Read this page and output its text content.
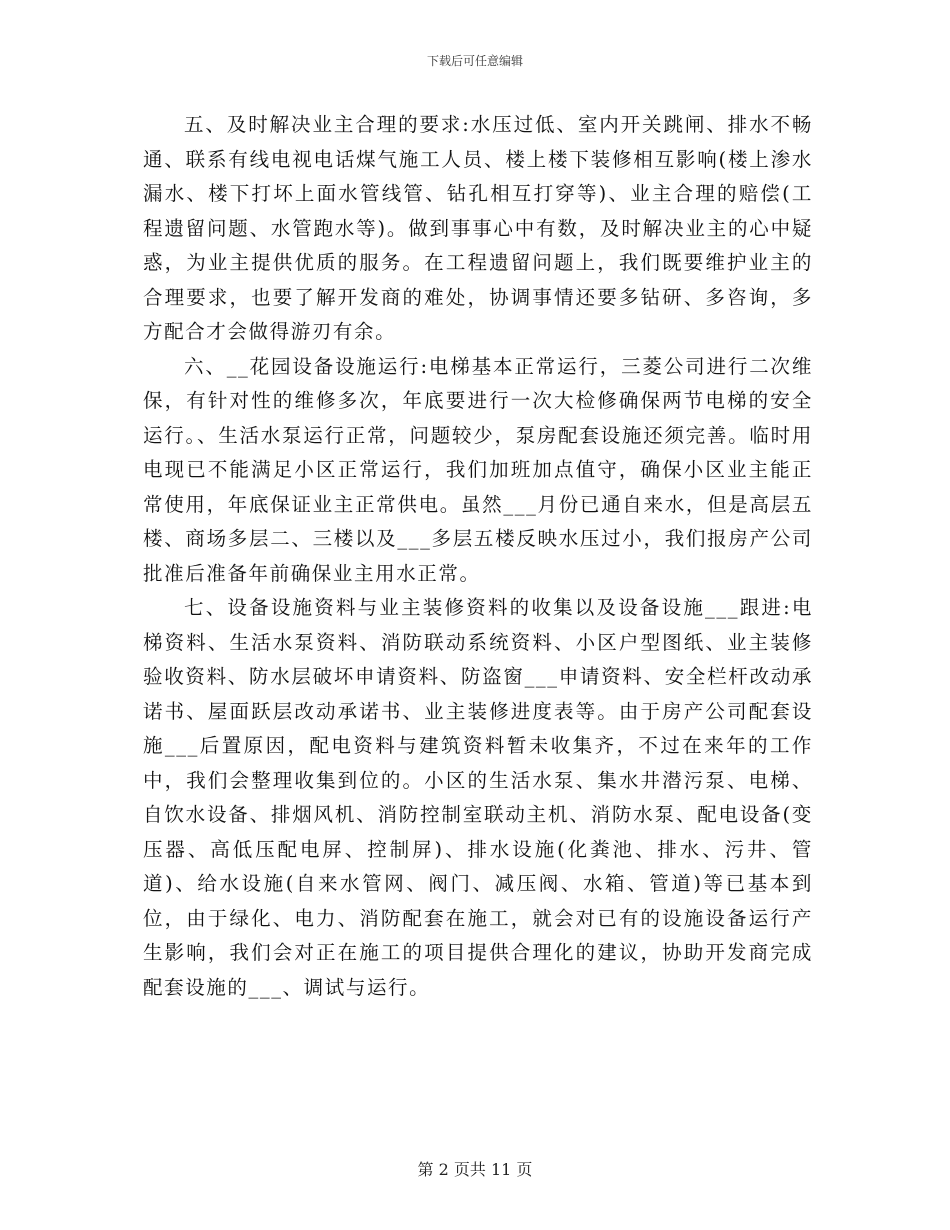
下载后可任意编辑

五、及时解决业主合理的要求:水压过低、室内开关跳闸、排水不畅通、联系有线电视电话煤气施工人员、楼上楼下装修相互影响(楼上渗水漏水、楼下打坏上面水管线管、钻孔相互打穿等)、业主合理的赔偿(工程遗留问题、水管跑水等)。做到事事心中有数，及时解决业主的心中疑惑，为业主提供优质的服务。在工程遗留问题上，我们既要维护业主的合理要求，也要了解开发商的难处，协调事情还要多钻研、多咨询，多方配合才会做得游刃有余。

六、__花园设备设施运行:电梯基本正常运行，三菱公司进行二次维保，有针对性的维修多次，年底要进行一次大检修确保两节电梯的安全运行。、生活水泵运行正常，问题较少，泵房配套设施还须完善。临时用电现已不能满足小区正常运行，我们加班加点值守，确保小区业主能正常使用，年底保证业主正常供电。虽然___月份已通自来水，但是高层五楼、商场多层二、三楼以及___多层五楼反映水压过小，我们报房产公司批准后准备年前确保业主用水正常。

七、设备设施资料与业主装修资料的收集以及设备设施___跟进:电梯资料、生活水泵资料、消防联动系统资料、小区户型图纸、业主装修验收资料、防水层破坏申请资料、防盗窗___申请资料、安全栏杆改动承诺书、屋面跃层改动承诺书、业主装修进度表等。由于房产公司配套设施___后置原因，配电资料与建筑资料暂未收集齐，不过在来年的工作中，我们会整理收集到位的。小区的生活水泵、集水井潜污泵、电梯、自饮水设备、排烟风机、消防控制室联动主机、消防水泵、配电设备(变压器、高低压配电屏、控制屏)、排水设施(化粪池、排水、污井、管道)、给水设施(自来水管网、阀门、减压阀、水箱、管道)等已基本到位，由于绿化、电力、消防配套在施工，就会对已有的设施设备运行产生影响，我们会对正在施工的项目提供合理化的建议，协助开发商完成配套设施的___、调试与运行。

第 2 页共 11 页
